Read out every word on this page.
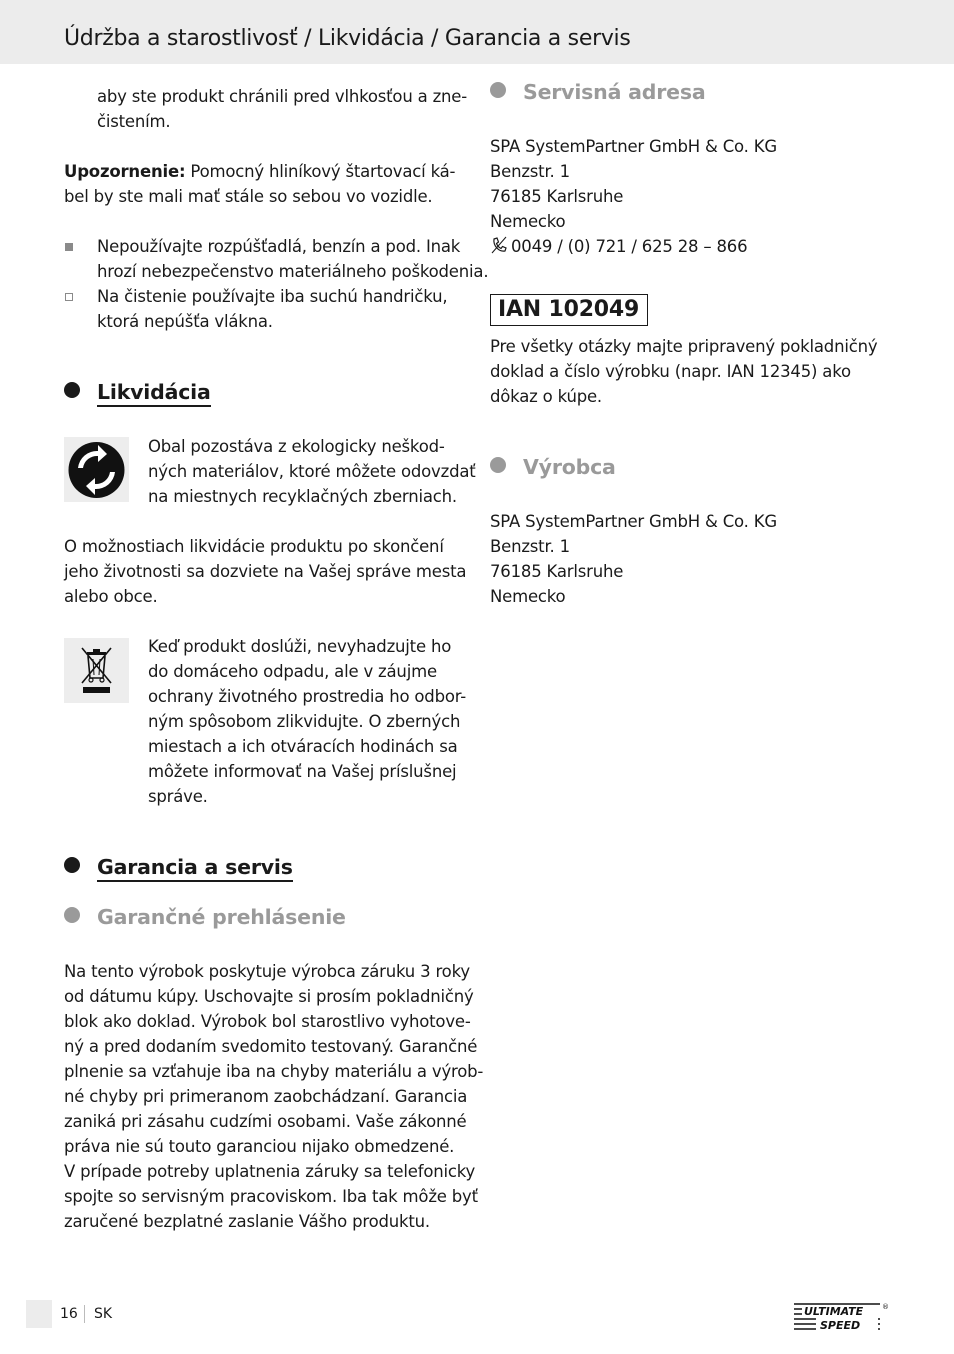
Údržba a starostlivosť / Likvidácia / Garancia a servis
aby ste produkt chránili pred vlhkosťou a zne-
čistením.
Upozornenie: Pomocný hliníkový štartovací ká-
bel by ste mali mať stále so sebou vo vozidle.
Nepoužívajte rozpúšťadlá, benzín a pod. Inak
hrozí nebezpečenstvo materiálneho poškodenia.
Na čistenie používajte iba suchú handričku,
ktorá nepúšťa vlákna.
Likvidácia
Obal pozostáva z ekologicky neškod-
ných materiálov, ktoré môžete odovzdať
na miestnych recyklačných zberniach.
O možnostiach likvidácie produktu po skončení
jeho životnosti sa dozviete na Vašej správe mesta
alebo obce.
Keď produkt doslúži, nevyhadzujte ho
do domáceho odpadu, ale v záujme
ochrany životného prostredia ho odbor-
ným spôsobom zlikvidujte. O zberných
miestach a ich otváracích hodinách sa
môžete informovať na Vašej príslušnej
správe.
Garancia a servis
Garančné prehlásenie
Na tento výrobok poskytuje výrobca záruku 3 roky
od dátumu kúpy. Uschovajte si prosím pokladničný
blok ako doklad. Výrobok bol starostlivo vyhotove-
ný a pred dodaním svedomito testovaný. Garančné
plnenie sa vzťahuje iba na chyby materiálu a výrob-
né chyby pri primeranom zaobchádzaní. Garancia
zaniká pri zásahu cudzími osobami. Vaše zákonné
práva nie sú touto garanciou nijako obmedzené.
V prípade potreby uplatnenia záruky sa telefonicky
spojte so servisným pracoviskom. Iba tak môže byť
zaručené bezplatné zaslanie Vášho produktu.
Servisná adresa
SPA SystemPartner GmbH & Co. KG
Benzstr. 1
76185 Karlsruhe
Nemecko
0049 / (0) 721 / 625 28 – 866
IAN 102049
Pre všetky otázky majte pripravený pokladničný
doklad a číslo výrobku (napr. IAN 12345) ako
dôkaz o kúpe.
Výrobca
SPA SystemPartner GmbH & Co. KG
Benzstr. 1
76185 Karlsruhe
Nemecko
16 SK	ULTIMATE
SPEED
®
